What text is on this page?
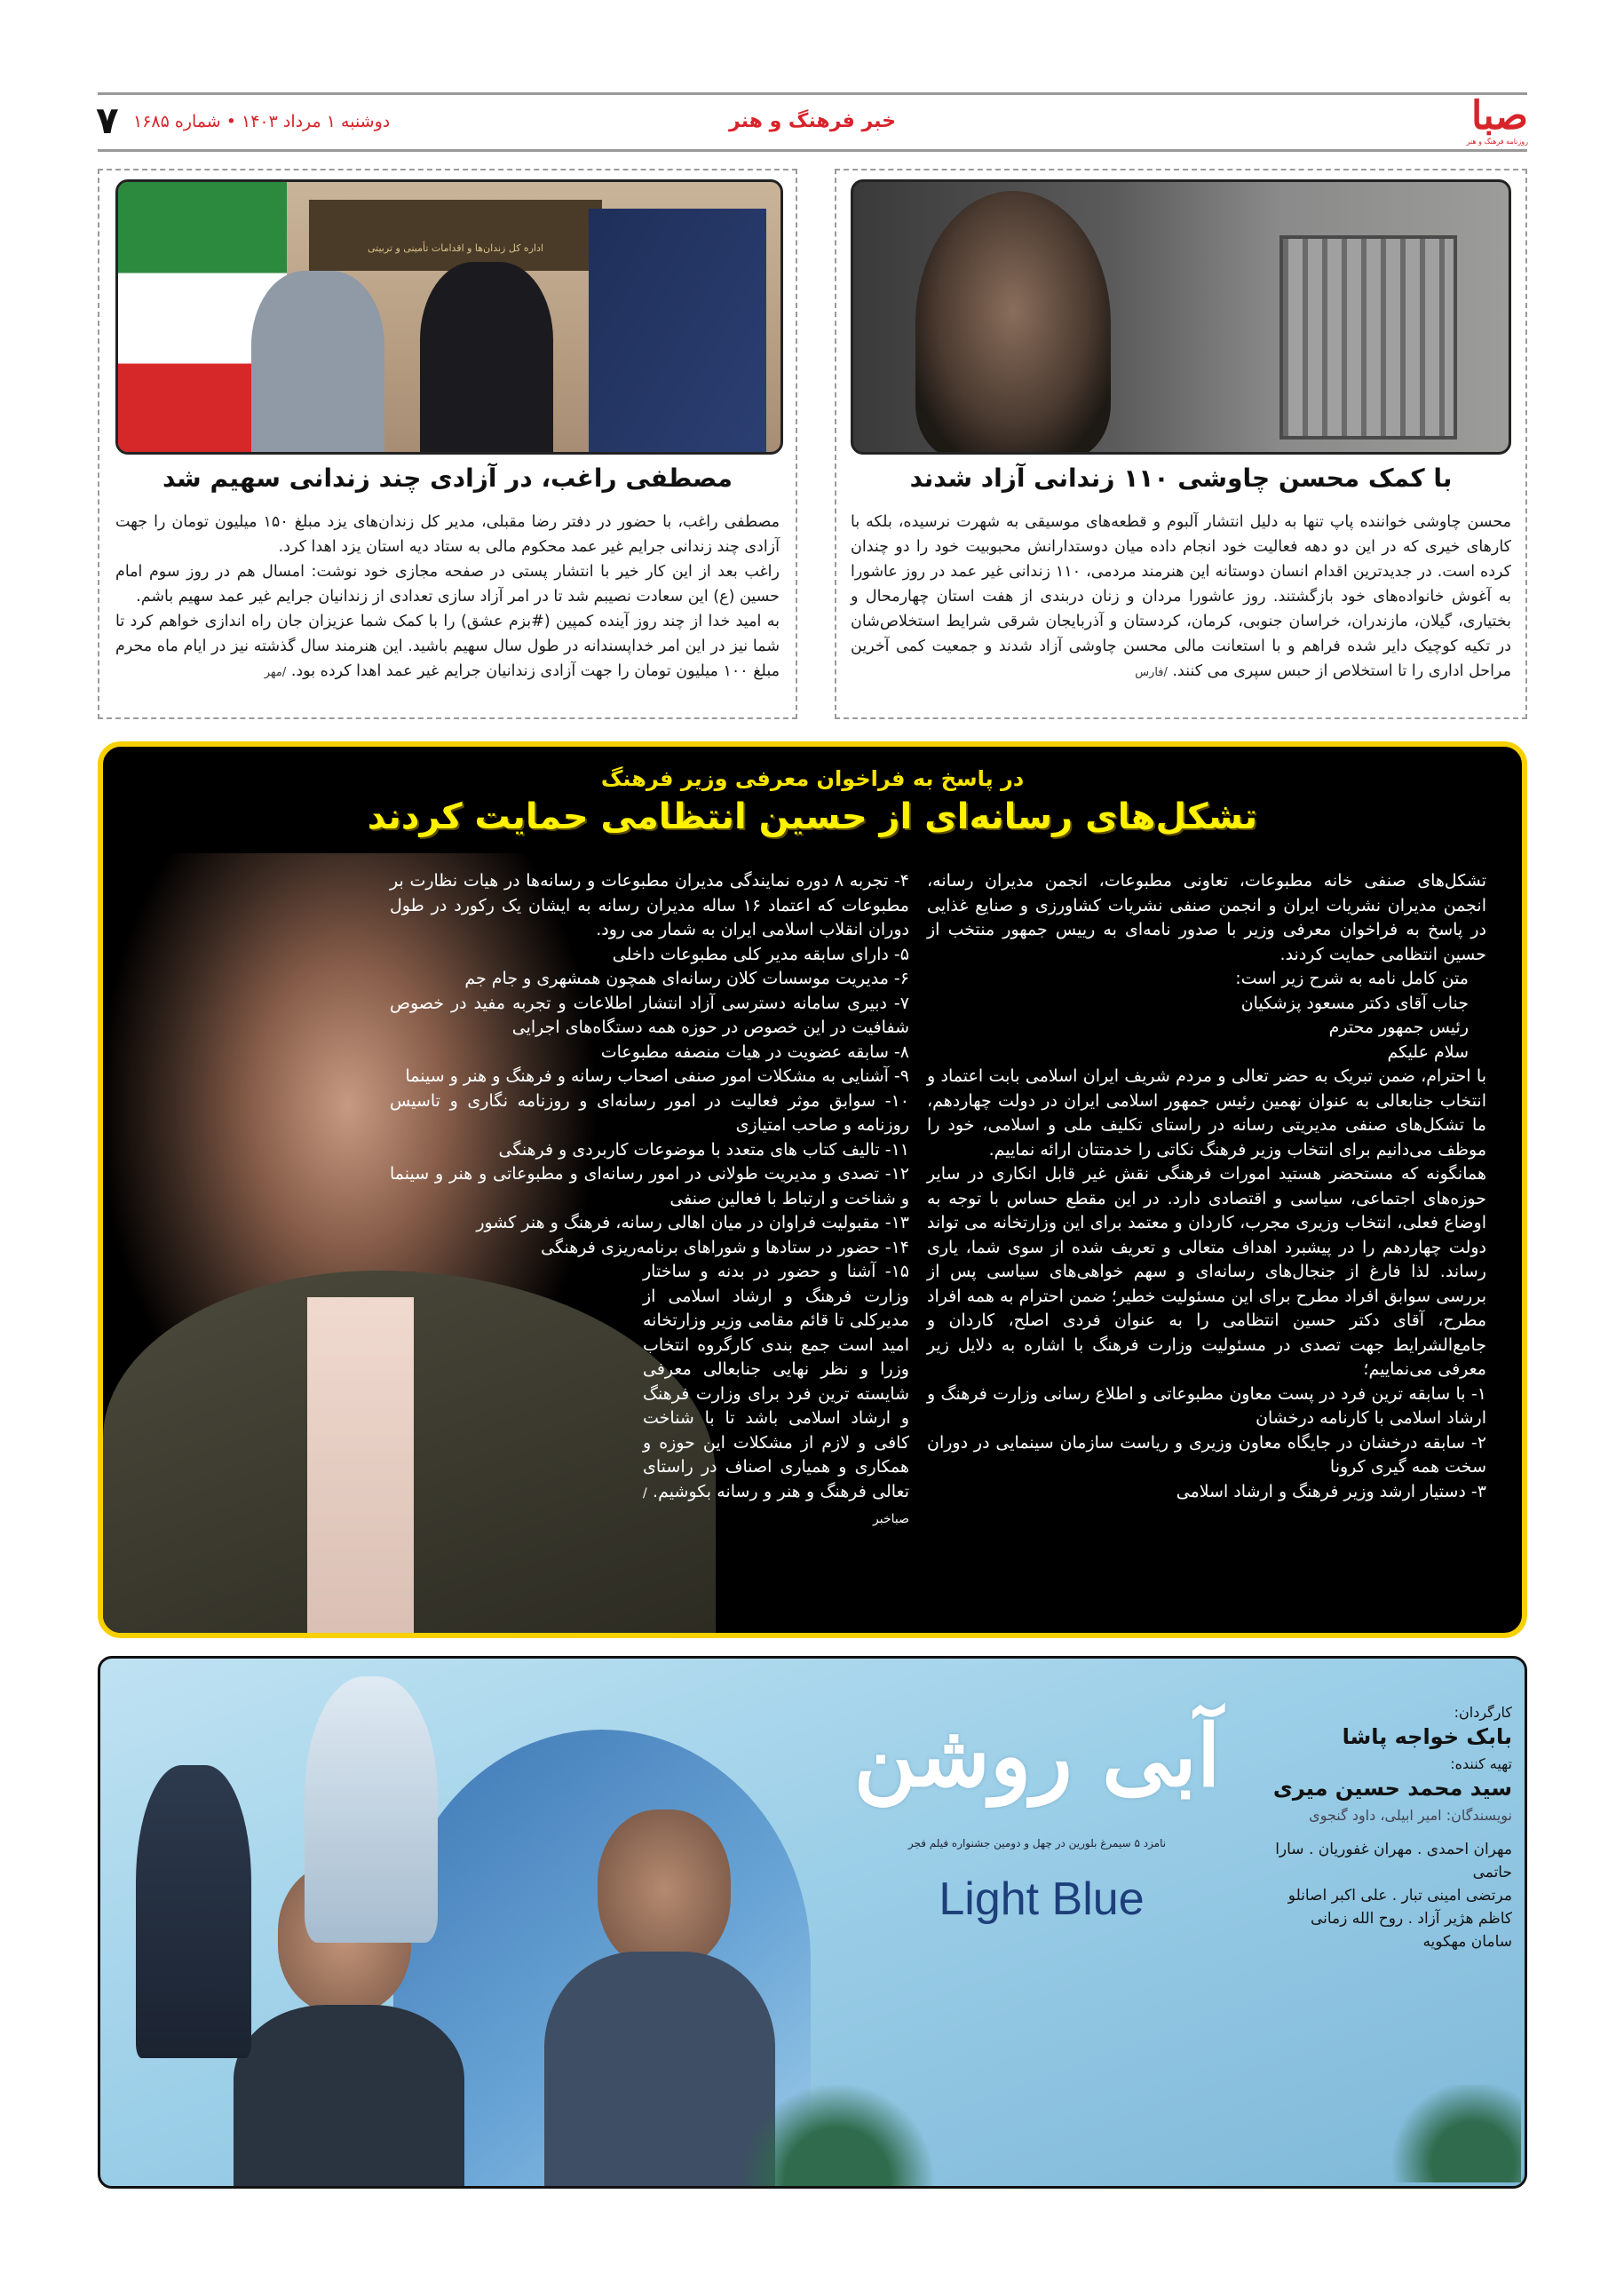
صبا
روزنامه فرهنگ و هنر
خبر فرهنگ و هنر
دوشنبه ۱ مرداد ۱۴۰۳ • شماره ۱۶۸۵
۷
با کمک محسن چاوشی ۱۱۰ زندانی آزاد شدند

محسن چاوشی خواننده پاپ تنها به دلیل انتشار آلبوم و قطعه‌های موسیقی به شهرت نرسیده، بلکه با کارهای خیری که در این دو دهه فعالیت خود انجام داده میان دوستدارانش محبوبیت خود را دو چندان کرده است. در جدیدترین اقدام انسان دوستانه این هنرمند مردمی، ۱۱۰ زندانی غیر عمد در روز عاشورا به آغوش خانواده‌های خود بازگشتند. روز عاشورا مردان و زنان دربندی از هفت استان چهارمحال و بختیاری، گیلان، مازندران، خراسان جنوبی، کرمان، کردستان و آذربایجان شرقی شرایط استخلاص‌شان در تکیه کوچیک دایر شده فراهم و با استعانت مالی محسن چاوشی آزاد شدند و جمعیت کمی آخرین مراحل اداری را تا استخلاص از حبس سپری می کنند. /فارس

اداره کل زندان‌ها و اقدامات تأمینی و تربیتی
مصطفی راغب، در آزادی چند زندانی سهیم شد

مصطفی راغب، با حضور در دفتر رضا مقبلی، مدیر کل زندان‌های یزد مبلغ ۱۵۰ میلیون تومان را جهت آزادی چند زندانی جرایم غیر عمد محکوم مالی به ستاد دیه استان یزد اهدا کرد.

راغب بعد از این کار خیر با انتشار پستی در صفحه مجازی خود نوشت: امسال هم در روز سوم امام حسین (ع) این سعادت نصیبم شد تا در امر آزاد سازی تعدادی از زندانیان جرایم غیر عمد سهیم باشم.

به امید خدا از چند روز آینده کمپین (#بزم عشق) را با کمک شما عزیزان جان راه اندازی خواهم کرد تا شما نیز در این امر خداپسندانه در طول سال سهیم باشید. این هنرمند سال گذشته نیز در ایام ماه محرم مبلغ ۱۰۰ میلیون تومان را جهت آزادی زندانیان جرایم غیر عمد اهدا کرده بود. /مهر

در پاسخ به فراخوان معرفی وزیر فرهنگ
تشکل‌های رسانه‌ای از حسین انتظامی حمایت کردند

تشکل‌های صنفی خانه مطبوعات، تعاونی مطبوعات، انجمن مدیران رسانه، انجمن مدیران نشریات ایران و انجمن صنفی نشریات کشاورزی و صنایع غذایی در پاسخ به فراخوان معرفی وزیر با صدور نامه‌ای به رییس جمهور منتخب از حسین انتظامی حمایت کردند.

متن کامل نامه به شرح زیر است:

جناب آقای دکتر مسعود پزشکیان

رئیس جمهور محترم

سلام علیکم

با احترام، ضمن تبریک به حضر تعالی و مردم شریف ایران اسلامی بابت اعتماد و انتخاب جنابعالی به عنوان نهمین رئیس جمهور اسلامی ایران در دولت چهاردهم، ما تشکل‌های صنفی مدیریتی رسانه در راستای تکلیف ملی و اسلامی، خود را موظف می‌دانیم برای انتخاب وزیر فرهنگ نکاتی را خدمتتان ارائه نماییم.

همانگونه که مستحضر هستید امورات فرهنگی نقش غیر قابل انکاری در سایر حوزه‌های اجتماعی، سیاسی و اقتصادی دارد. در این مقطع حساس با توجه به اوضاع فعلی، انتخاب وزیری مجرب، کاردان و معتمد برای این وزارتخانه می تواند دولت چهاردهم را در پیشبرد اهداف متعالی و تعریف شده از سوی شما، یاری رساند. لذا فارغ از جنجال‌های رسانه‌ای و سهم خواهی‌های سیاسی پس از بررسی سوابق افراد مطرح برای این مسئولیت خطیر؛ ضمن احترام به همه افراد مطرح، آقای دکتر حسین انتظامی را به عنوان فردی اصلح، کاردان و جامع‌الشرایط جهت تصدی در مسئولیت وزارت فرهنگ با اشاره به دلایل زیر معرفی می‌نماییم؛

۱- با سابقه ترین فرد در پست معاون مطبوعاتی و اطلاع رسانی وزارت فرهنگ و ارشاد اسلامی با کارنامه درخشان

۲- سابقه درخشان در جایگاه معاون وزیری و ریاست سازمان سینمایی در دوران سخت همه گیری کرونا

۳- دستیار ارشد وزیر فرهنگ و ارشاد اسلامی

۴- تجربه ۸ دوره نمایندگی مدیران مطبوعات و رسانه‌ها در هیات نظارت بر مطبوعات که اعتماد ۱۶ ساله مدیران رسانه به ایشان یک رکورد در طول دوران انقلاب اسلامی ایران به شمار می رود.

۵- دارای سابقه مدیر کلی مطبوعات داخلی

۶- مدیریت موسسات کلان رسانه‌ای همچون همشهری و جام جم

۷- دبیری سامانه دسترسی آزاد انتشار اطلاعات و تجربه مفید در خصوص شفافیت در این خصوص در حوزه همه دستگاه‌های اجرایی

۸- سابقه عضویت در هیات منصفه مطبوعات

۹- آشنایی به مشکلات امور صنفی اصحاب رسانه و فرهنگ و هنر و سینما

۱۰- سوابق موثر فعالیت در امور رسانه‌ای و روزنامه نگاری و تاسیس روزنامه و صاحب امتیازی

۱۱- تالیف کتاب های متعدد با موضوعات کاربردی و فرهنگی

۱۲- تصدی و مدیریت طولانی در امور رسانه‌ای و مطبوعاتی و هنر و سینما و شناخت و ارتباط با فعالین صنفی

۱۳- مقبولیت فراوان در میان اهالی رسانه، فرهنگ و هنر کشور

۱۴- حضور در ستادها و شوراهای برنامه‌ریزی فرهنگی

۱۵- آشنا و حضور در بدنه و ساختار وزارت فرهنگ و ارشاد اسلامی از مدیرکلی تا قائم مقامی وزیر وزارتخانه امید است جمع بندی کارگروه انتخاب وزرا و نظر نهایی جنابعالی معرفی شایسته ترین فرد برای وزارت فرهنگ و ارشاد اسلامی باشد تا با شناخت کافی و لازم از مشکلات این حوزه و همکاری و همیاری اصناف در راستای تعالی فرهنگ و هنر و رسانه بکوشیم. /صباخبر

آبی روشن
نامزد ۵ سیمرغ بلورین در چهل و دومین جشنواره فیلم فجر
Light Blue
کارگردان:
بابک خواجه پاشا
تهیه کننده:
سید محمد حسین میری
نویسندگان: امیر ابیلی، داود گنجوی
مهران احمدی . مهران غفوریان . سارا حاتمی
مرتضی امینی تبار . علی اکبر اصانلو
کاظم هژیر آزاد . روح الله زمانی
سامان مهکویه
